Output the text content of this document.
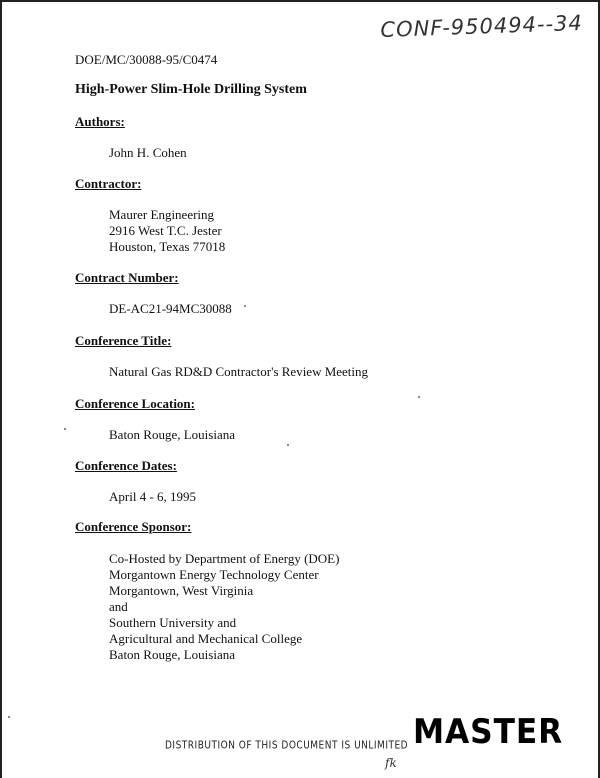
CONF-950494--34
DOE/MC/30088-95/C0474
High-Power Slim-Hole Drilling System
Authors:
John H. Cohen
Contractor:
Maurer Engineering
2916 West T.C. Jester
Houston, Texas 77018
Contract Number:
DE-AC21-94MC30088
Conference Title:
Natural Gas RD&D Contractor's Review Meeting
Conference Location:
Baton Rouge, Louisiana
Conference Dates:
April 4 - 6, 1995
Conference Sponsor:
Co-Hosted by Department of Energy (DOE)
Morgantown Energy Technology Center
Morgantown, West Virginia
and
Southern University and
Agricultural and Mechanical College
Baton Rouge, Louisiana
DISTRIBUTION OF THIS DOCUMENT IS UNLIMITED MASTER
fk
